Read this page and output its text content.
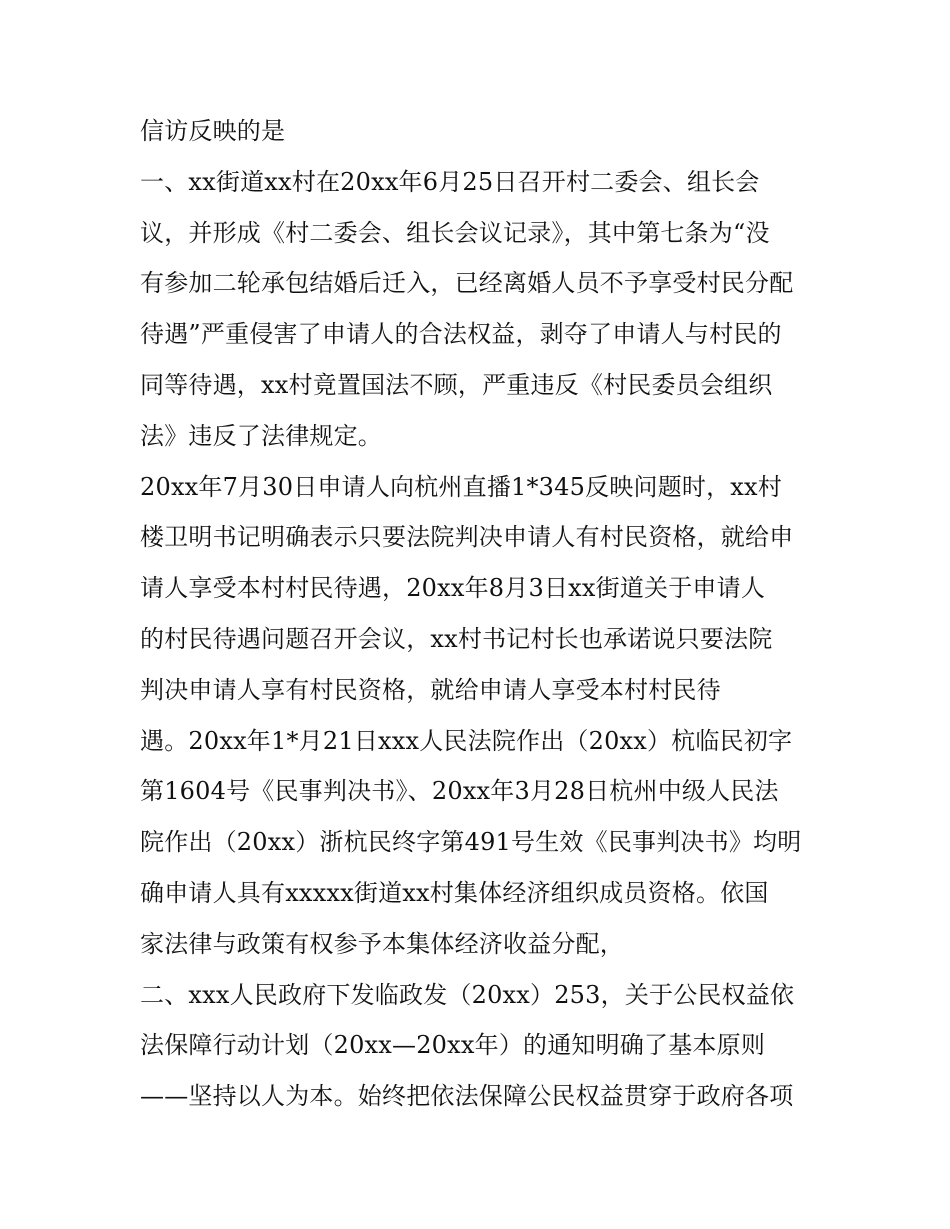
信访反映的是
一、xx街道xx村在20xx年6月25日召开村二委会、组长会
议，并形成《村二委会、组长会议记录》，其中第七条为“没
有参加二轮承包结婚后迁入，已经离婚人员不予享受村民分配
待遇”严重侵害了申请人的合法权益，剥夺了申请人与村民的
同等待遇，xx村竟置国法不顾，严重违反《村民委员会组织
法》违反了法律规定。
20xx年7月30日申请人向杭州直播1*345反映问题时，xx村
楼卫明书记明确表示只要法院判决申请人有村民资格，就给申
请人享受本村村民待遇，20xx年8月3日xx街道关于申请人
的村民待遇问题召开会议，xx村书记村长也承诺说只要法院
判决申请人享有村民资格，就给申请人享受本村村民待
遇。20xx年1*月21日xxx人民法院作出（20xx）杭临民初字
第1604号《民事判决书》、20xx年3月28日杭州中级人民法
院作出（20xx）浙杭民终字第491号生效《民事判决书》均明
确申请人具有xxxxx街道xx村集体经济组织成员资格。依国
家法律与政策有权参予本集体经济收益分配，
二、xxx人民政府下发临政发（20xx）253，关于公民权益依
法保障行动计划（20xx—20xx年）的通知明确了基本原则
——坚持以人为本。始终把依法保障公民权益贯穿于政府各项
